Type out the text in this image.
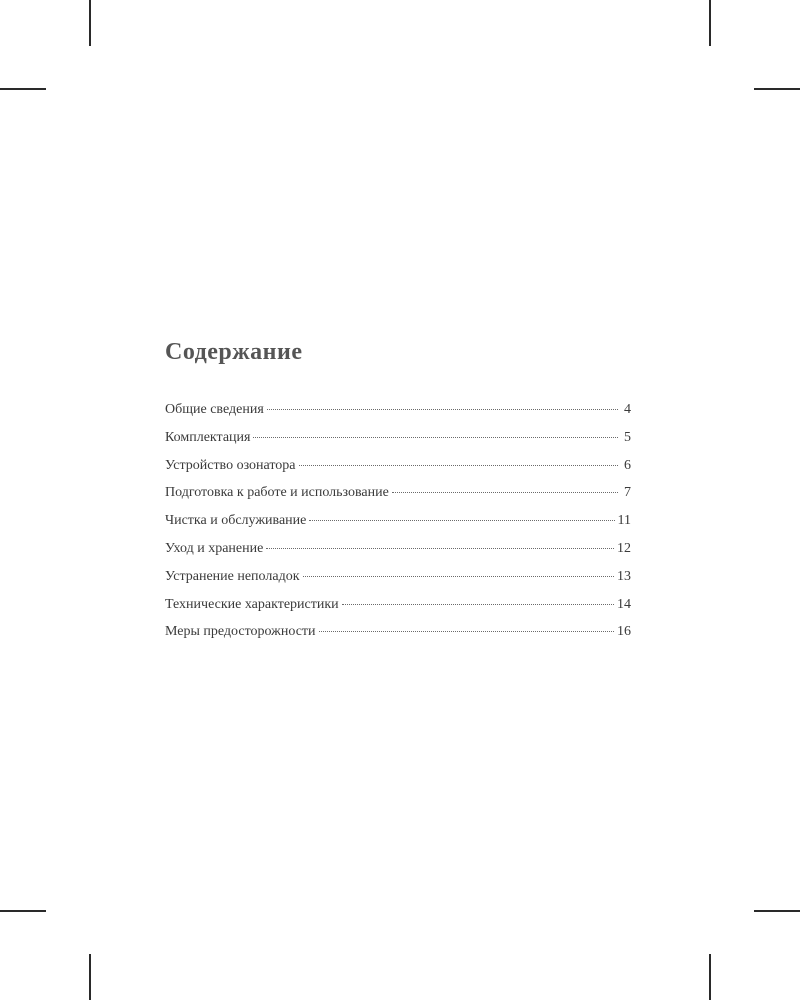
Содержание
Общие сведения	4
Комплектация	5
Устройство озонатора	6
Подготовка к работе и использование	7
Чистка и обслуживание	11
Уход и хранение	12
Устранение неполадок	13
Технические характеристики	14
Меры предосторожности	16
